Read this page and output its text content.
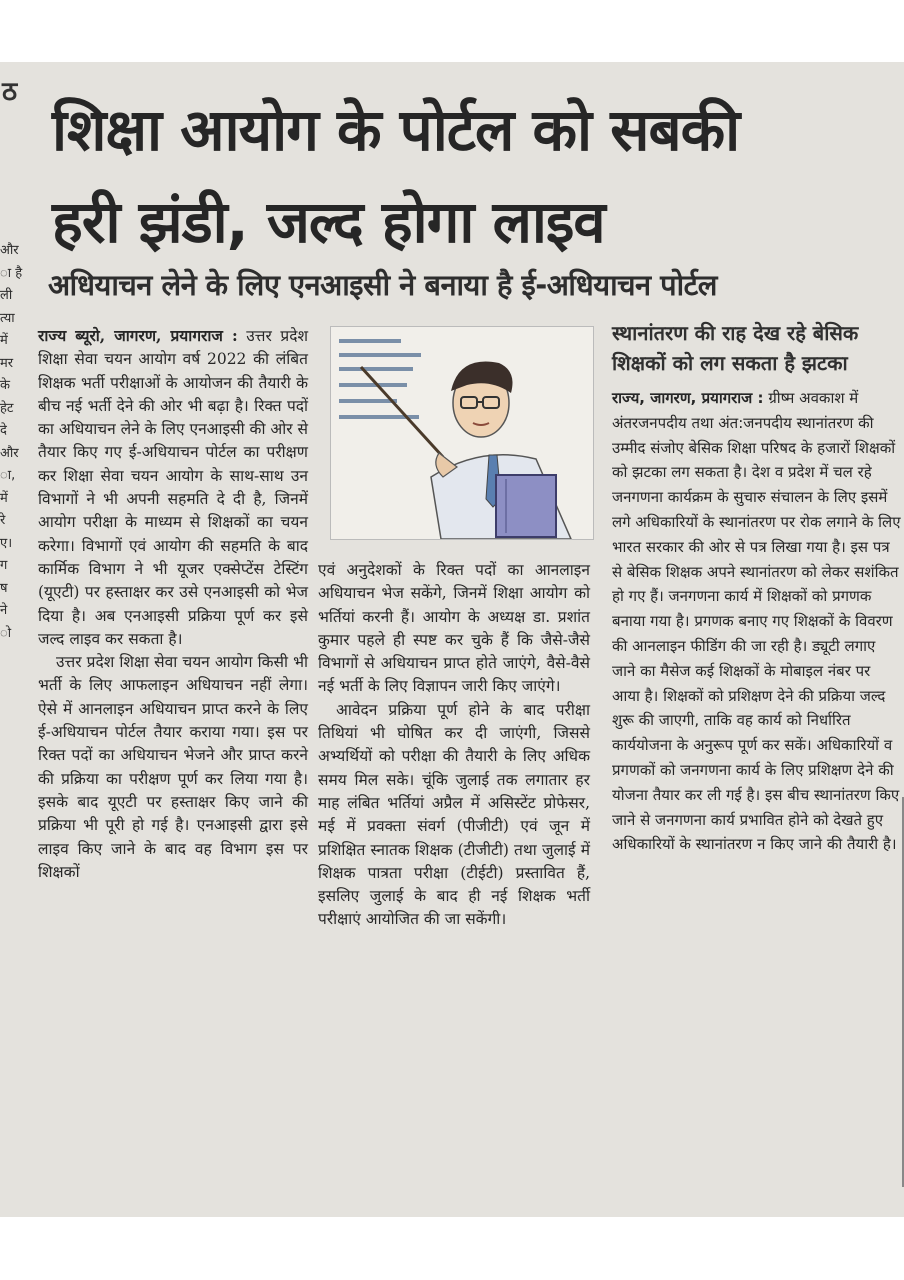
ठ
और
ा है
ली
त्या
में
मर
के
हेट
दे
और
ा,
में
रे
ए।
ग
ष
ने
ो
शिक्षा आयोग के पोर्टल को सबकी
हरी झंडी, जल्द होगा लाइव
अधियाचन लेने के लिए एनआइसी ने बनाया है ई-अधियाचन पोर्टल

राज्य ब्यूरो, जागरण, प्रयागराज : उत्तर प्रदेश शिक्षा सेवा चयन आयोग वर्ष 2022 की लंबित शिक्षक भर्ती परीक्षाओं के आयोजन की तैयारी के बीच नई भर्ती देने की ओर भी बढ़ा है। रिक्त पदों का अधियाचन लेने के लिए एनआइसी की ओर से तैयार किए गए ई-अधियाचन पोर्टल का परीक्षण कर शिक्षा सेवा चयन आयोग के साथ-साथ उन विभागों ने भी अपनी सहमति दे दी है, जिनमें आयोग परीक्षा के माध्यम से शिक्षकों का चयन करेगा। विभागों एवं आयोग की सहमति के बाद कार्मिक विभाग ने भी यूजर एक्सेप्टेंस टेस्टिंग (यूएटी) पर हस्ताक्षर कर उसे एनआइसी को भेज दिया है। अब एनआइसी प्रक्रिया पूर्ण कर इसे जल्द लाइव कर सकता है।

उत्तर प्रदेश शिक्षा सेवा चयन आयोग किसी भी भर्ती के लिए आफलाइन अधियाचन नहीं लेगा। ऐसे में आनलाइन अधियाचन प्राप्त करने के लिए ई-अधियाचन पोर्टल तैयार कराया गया। इस पर रिक्त पदों का अधियाचन भेजने और प्राप्त करने की प्रक्रिया का परीक्षण पूर्ण कर लिया गया है। इसके बाद यूएटी पर हस्ताक्षर किए जाने की प्रक्रिया भी पूरी हो गई है। एनआइसी द्वारा इसे लाइव किए जाने के बाद वह विभाग इस पर शिक्षकों

एवं अनुदेशकों के रिक्त पदों का आनलाइन अधियाचन भेज सकेंगे, जिनमें शिक्षा आयोग को भर्तियां करनी हैं। आयोग के अध्यक्ष डा. प्रशांत कुमार पहले ही स्पष्ट कर चुके हैं कि जैसे-जैसे विभागों से अधियाचन प्राप्त होते जाएंगे, वैसे-वैसे नई भर्ती के लिए विज्ञापन जारी किए जाएंगे।

आवेदन प्रक्रिया पूर्ण होने के बाद परीक्षा तिथियां भी घोषित कर दी जाएंगी, जिससे अभ्यर्थियों को परीक्षा की तैयारी के लिए अधिक समय मिल सके। चूंकि जुलाई तक लगातार हर माह लंबित भर्तियां अप्रैल में असिस्टेंट प्रोफेसर, मई में प्रवक्ता संवर्ग (पीजीटी) एवं जून में प्रशिक्षित स्नातक शिक्षक (टीजीटी) तथा जुलाई में शिक्षक पात्रता परीक्षा (टीईटी) प्रस्तावित हैं, इसलिए जुलाई के बाद ही नई शिक्षक भर्ती परीक्षाएं आयोजित की जा सकेंगी।

स्थानांतरण की राह देख रहे बेसिक शिक्षकों को लग सकता है झटका

राज्य, जागरण, प्रयागराज : ग्रीष्म अवकाश में अंतरजनपदीय तथा अंत:जनपदीय स्थानांतरण की उम्मीद संजोए बेसिक शिक्षा परिषद के हजारों शिक्षकों को झटका लग सकता है। देश व प्रदेश में चल रहे जनगणना कार्यक्रम के सुचारु संचालन के लिए इसमें लगे अधिकारियों के स्थानांतरण पर रोक लगाने के लिए भारत सरकार की ओर से पत्र लिखा गया है। इस पत्र से बेसिक शिक्षक अपने स्थानांतरण को लेकर सशंकित हो गए हैं। जनगणना कार्य में शिक्षकों को प्रगणक बनाया गया है। प्रगणक बनाए गए शिक्षकों के विवरण की आनलाइन फीडिंग की जा रही है। ड्यूटी लगाए जाने का मैसेज कई शिक्षकों के मोबाइल नंबर पर आया है। शिक्षकों को प्रशिक्षण देने की प्रक्रिया जल्द शुरू की जाएगी, ताकि वह कार्य को निर्धारित कार्ययोजना के अनुरूप पूर्ण कर सकें। अधिकारियों व प्रगणकों को जनगणना कार्य के लिए प्रशिक्षण देने की योजना तैयार कर ली गई है। इस बीच स्थानांतरण किए जाने से जनगणना कार्य प्रभावित होने को देखते हुए अधिकारियों के स्थानांतरण न किए जाने की तैयारी है।
